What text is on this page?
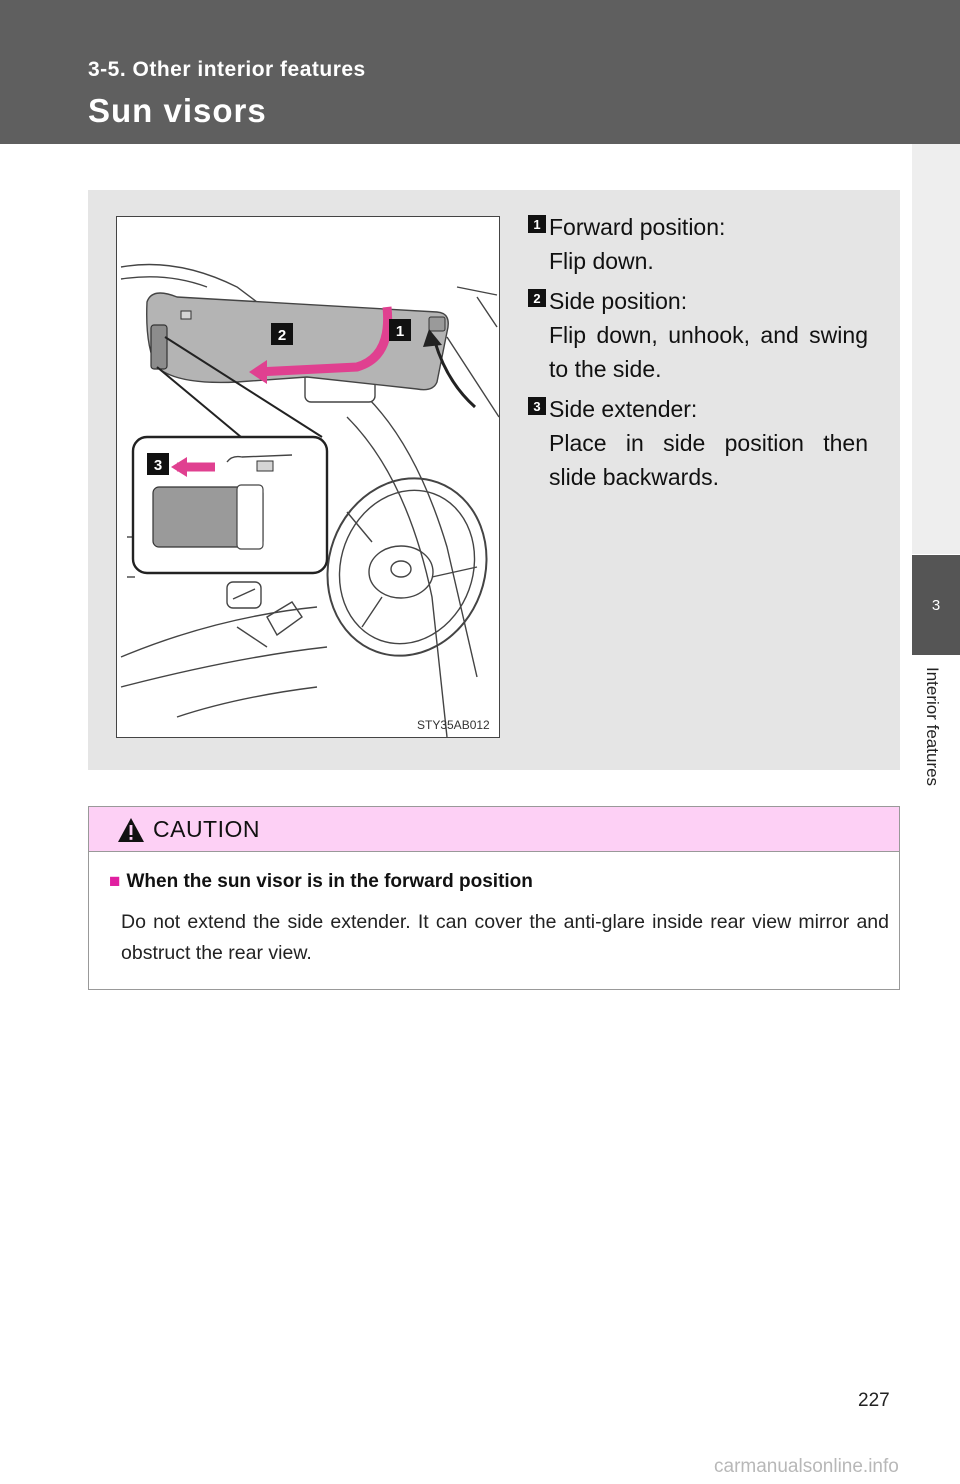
3-5. Other interior features
Sun visors
3
Interior features
2	1
3
STY35AB012
1 Forward position:
Flip down.
2 Side position:
Flip down, unhook, and swing to the side.
3 Side extender:
Place in side position then slide backwards.
CAUTION
■ When the sun visor is in the forward position
Do not extend the side extender. It can cover the anti-glare inside rear view mirror and obstruct the rear view.
227
carmanualsonline.info
